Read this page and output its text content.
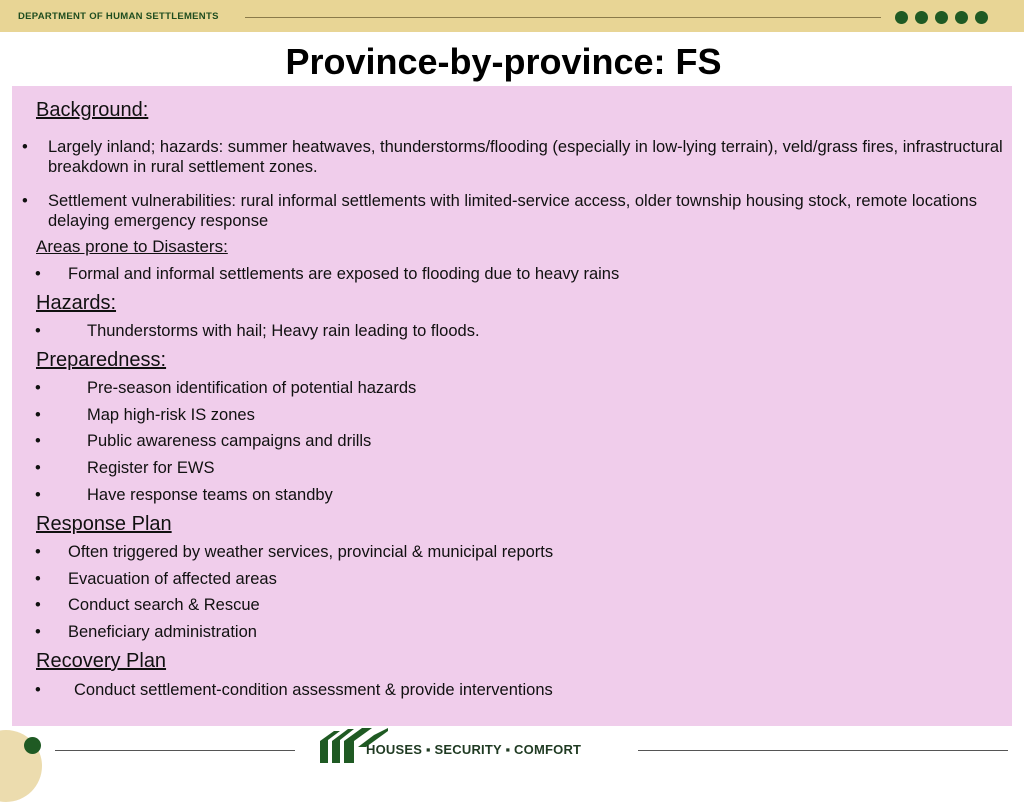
DEPARTMENT OF HUMAN SETTLEMENTS
Province-by-province: FS
Background:
• Largely inland; hazards: summer heatwaves, thunderstorms/flooding (especially in low-lying terrain), veld/grass fires, infrastructural breakdown in rural settlement zones.
• Settlement vulnerabilities: rural informal settlements with limited-service access, older township housing stock, remote locations delaying emergency response
Areas prone to Disasters:
• Formal and informal settlements are exposed to flooding due to heavy rains
Hazards:
•	Thunderstorms with hail; Heavy rain leading to floods.
Preparedness:
•	Pre-season identification of potential hazards
•	Map high-risk IS zones
•	Public awareness campaigns and drills
•	Register for EWS
•	Have response teams on standby
Response Plan
• Often triggered by weather services, provincial & municipal reports
• Evacuation of affected areas
• Conduct search & Rescue
• Beneficiary administration
Recovery Plan
• Conduct settlement-condition assessment & provide interventions
HOUSES ▪ SECURITY ▪ COMFORT
